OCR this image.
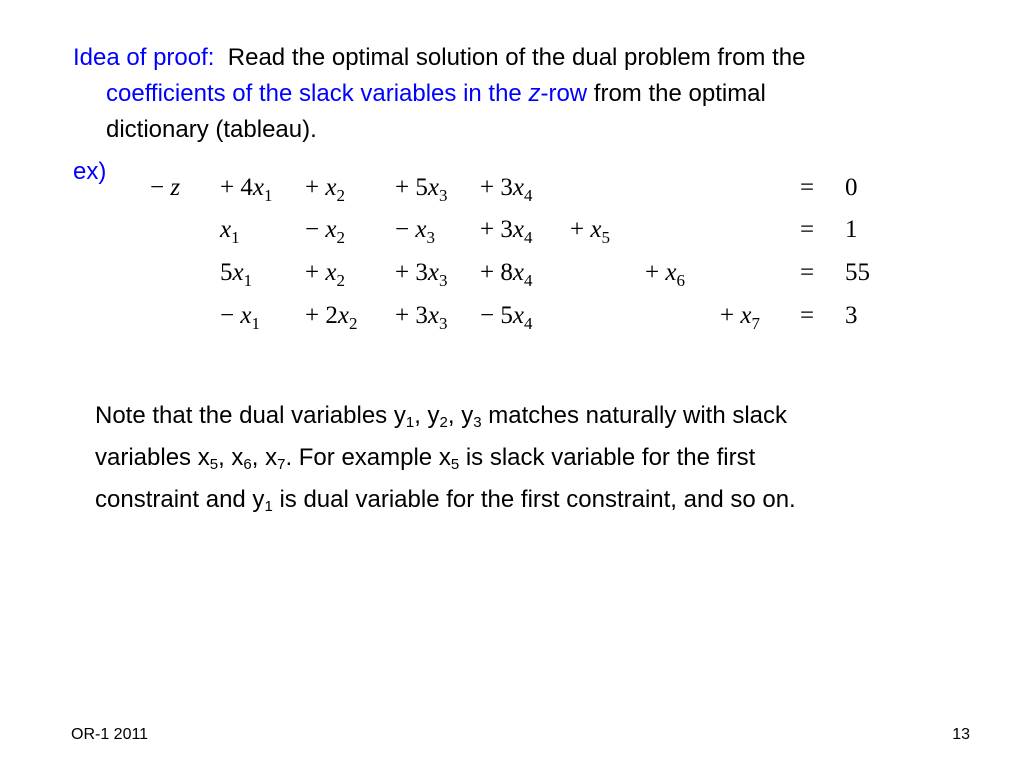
Idea of proof: Read the optimal solution of the dual problem from the
coefficients of the slack variables in the z-row from the optimal
dictionary (tableau).
ex)
− $z + 4x_1 + x_2 + 5x_3 + 3x_4$	= 0
$x_1$	− $x_2 - x_3 + 3x_4 + x_5$	= 1
$5x_1 + x_2 + 3x_3 + 8x_4$	+ $x_6$	= 55
− $x_1 + 2x_2 + 3x_3 - 5x_4$	+ $x_7 = 3$
Note that the dual variables $y_1$, $y_2$, $y_3$ matches naturally with slack
variables $x_5$, $x_6$, $x_7$. For example $x_5$ is slack variable for the first
constraint and $y_1$ is dual variable for the first constraint, and so on.
OR-1 2011	13
